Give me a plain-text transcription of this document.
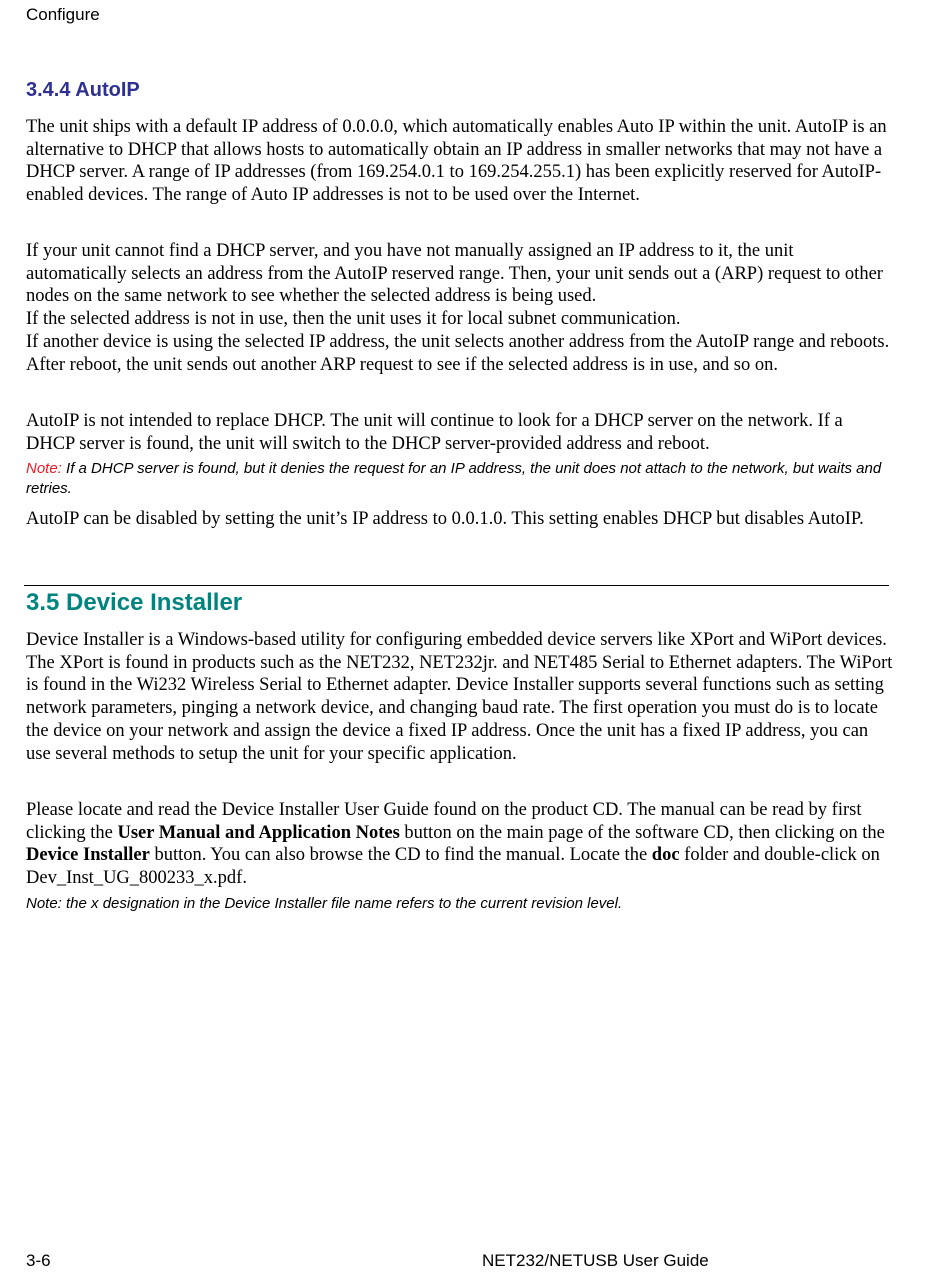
Configure
3.4.4 AutoIP

The unit ships with a default IP address of 0.0.0.0, which automatically enables Auto IP within the unit. AutoIP is an alternative to DHCP that allows hosts to automatically obtain an IP address in smaller networks that may not have a DHCP server. A range of IP addresses (from 169.254.0.1 to 169.254.255.1) has been explicitly reserved for AutoIP-enabled devices. The range of Auto IP addresses is not to be used over the Internet.

If your unit cannot find a DHCP server, and you have not manually assigned an IP address to it, the unit automatically selects an address from the AutoIP reserved range. Then, your unit sends out a (ARP) request to other nodes on the same network to see whether the selected address is being used.

If the selected address is not in use, then the unit uses it for local subnet communication.

If another device is using the selected IP address, the unit selects another address from the AutoIP range and reboots. After reboot, the unit sends out another ARP request to see if the selected address is in use, and so on.

AutoIP is not intended to replace DHCP. The unit will continue to look for a DHCP server on the network. If a DHCP server is found, the unit will switch to the DHCP server-provided address and reboot.

Note: If a DHCP server is found, but it denies the request for an IP address, the unit does not attach to the network, but waits and retries.

AutoIP can be disabled by setting the unit’s IP address to 0.0.1.0. This setting enables DHCP but disables AutoIP.

3.5 Device Installer

Device Installer is a Windows-based utility for configuring embedded device servers like XPort and WiPort devices. The XPort is found in products such as the NET232, NET232jr. and NET485 Serial to Ethernet adapters. The WiPort is found in the Wi232 Wireless Serial to Ethernet adapter. Device Installer supports several functions such as setting network parameters, pinging a network device, and changing baud rate. The first operation you must do is to locate the device on your network and assign the device a fixed IP address. Once the unit has a fixed IP address, you can use several methods to setup the unit for your specific application.

Please locate and read the Device Installer User Guide found on the product CD. The manual can be read by first clicking the User Manual and Application Notes button on the main page of the software CD, then clicking on the Device Installer button. You can also browse the CD to find the manual. Locate the doc folder and double-click on Dev_Inst_UG_800233_x.pdf.

Note: the x designation in the Device Installer file name refers to the current revision level.

3-6	NET232/NETUSB User Guide
